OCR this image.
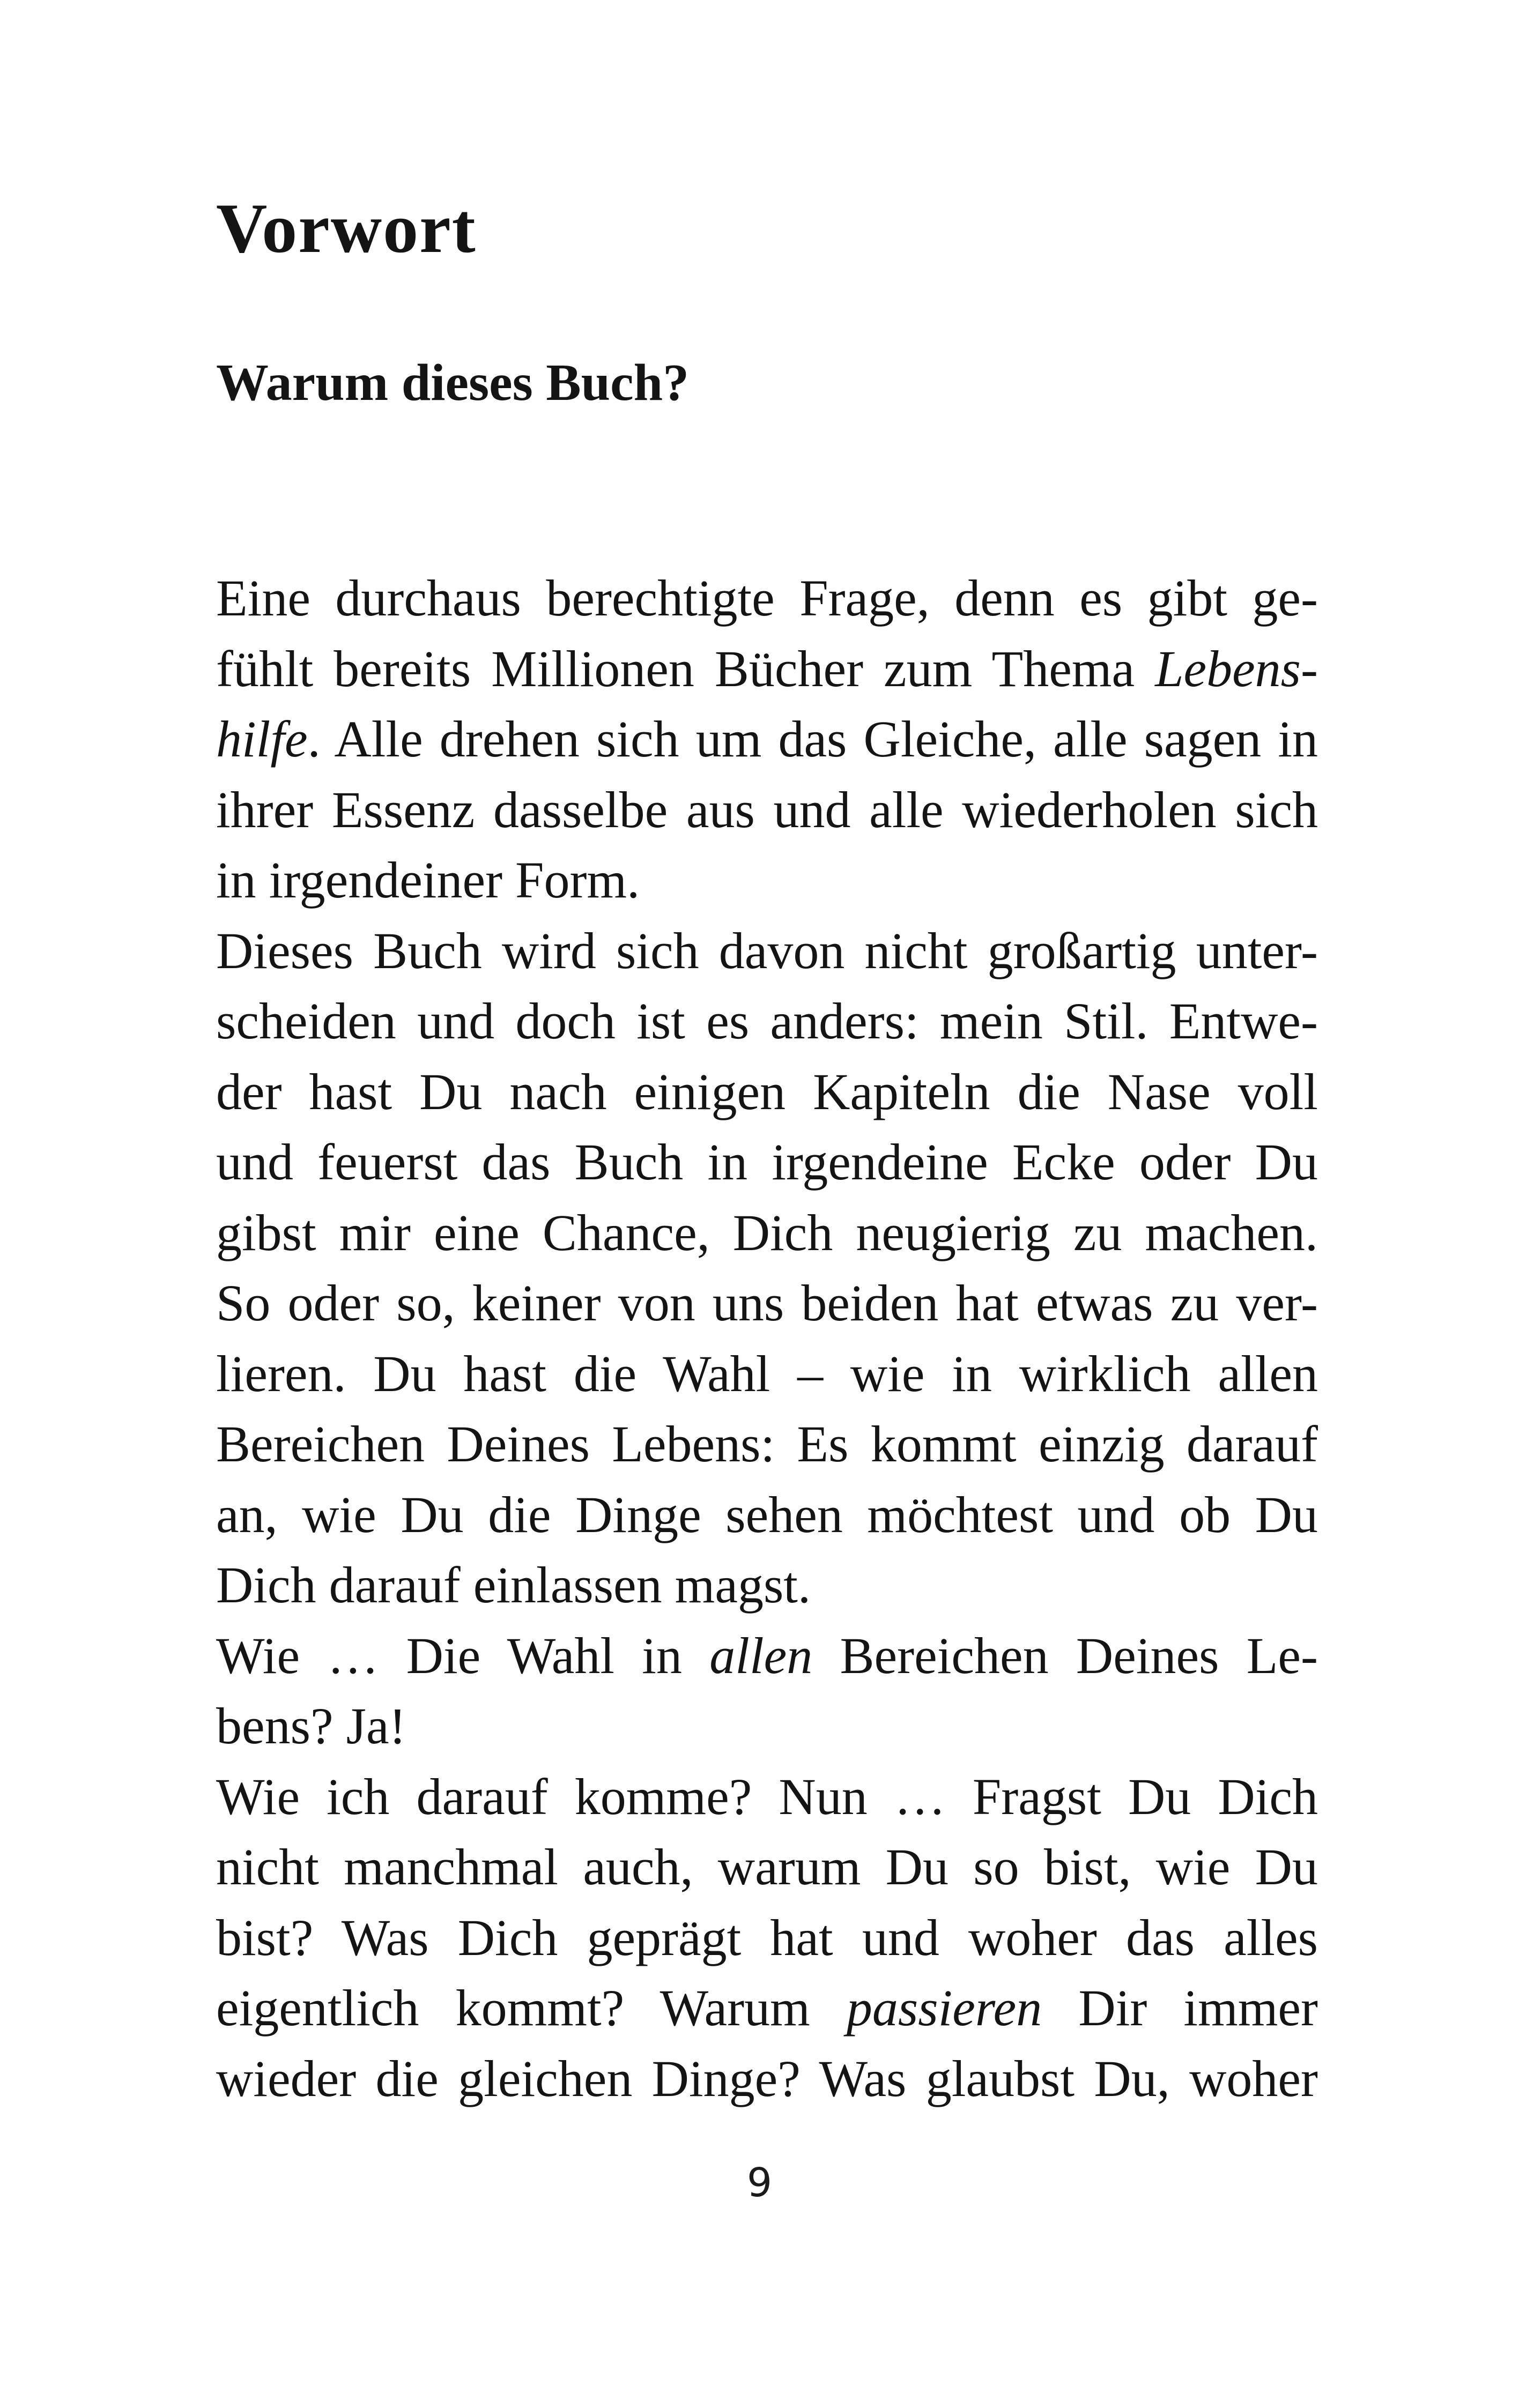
Vorwort
Warum dieses Buch?
Eine durchaus berechtigte Frage, denn es gibt ge-
fühlt bereits Millionen Bücher zum Thema Lebens-
hilfe. Alle drehen sich um das Gleiche, alle sagen in
ihrer Essenz dasselbe aus und alle wiederholen sich
in irgendeiner Form.
Dieses Buch wird sich davon nicht großartig unter-
scheiden und doch ist es anders: mein Stil. Entwe-
der hast Du nach einigen Kapiteln die Nase voll
und feuerst das Buch in irgendeine Ecke oder Du
gibst mir eine Chance, Dich neugierig zu machen.
So oder so, keiner von uns beiden hat etwas zu ver-
lieren. Du hast die Wahl – wie in wirklich allen
Bereichen Deines Lebens: Es kommt einzig darauf
an, wie Du die Dinge sehen möchtest und ob Du
Dich darauf einlassen magst.
Wie … Die Wahl in allen Bereichen Deines Le-
bens? Ja!
Wie ich darauf komme? Nun … Fragst Du Dich
nicht manchmal auch, warum Du so bist, wie Du
bist? Was Dich geprägt hat und woher das alles
eigentlich kommt? Warum passieren Dir immer
wieder die gleichen Dinge? Was glaubst Du, woher
9
